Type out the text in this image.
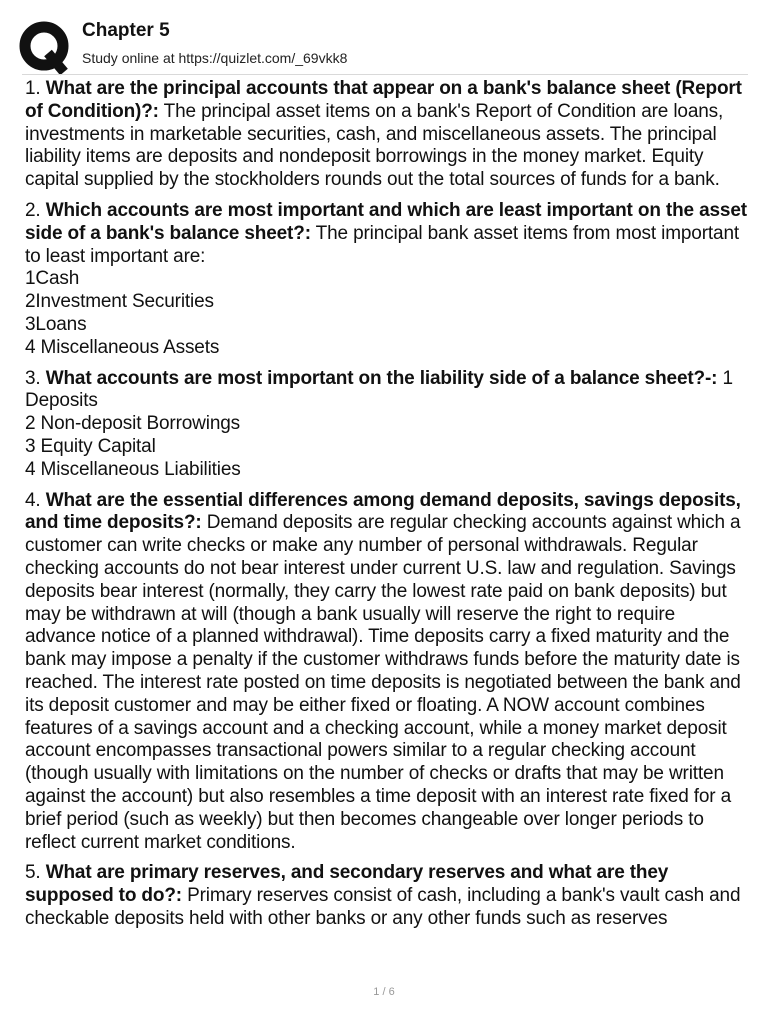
Chapter 5
Study online at https://quizlet.com/_69vkk8

1. What are the principal accounts that appear on a bank's balance sheet (Report of Condition)?: The principal asset items on a bank's Report of Condition are loans, investments in marketable securities, cash, and miscellaneous assets. The principal liability items are deposits and nondeposit borrowings in the money market. Equity capital supplied by the stockholders rounds out the total sources of funds for a bank.

2. Which accounts are most important and which are least important on the asset side of a bank's balance sheet?: The principal bank asset items from most important to least important are:
1Cash
2Investment Securities
3Loans
4 Miscellaneous Assets

3. What accounts are most important on the liability side of a balance sheet?-: 1 Deposits
2 Non-deposit Borrowings
3 Equity Capital
4 Miscellaneous Liabilities

4. What are the essential differences among demand deposits, savings deposits, and time deposits?: Demand deposits are regular checking accounts against which a customer can write checks or make any number of personal withdrawals. Regular checking accounts do not bear interest under current U.S. law and regulation. Savings deposits bear interest (normally, they carry the lowest rate paid on bank deposits) but may be withdrawn at will (though a bank usually will reserve the right to require advance notice of a planned withdrawal). Time deposits carry a fixed maturity and the bank may impose a penalty if the customer withdraws funds before the maturity date is reached. The interest rate posted on time deposits is negotiated between the bank and its deposit customer and may be either fixed or floating. A NOW account combines features of a savings account and a checking account, while a money market deposit account encompasses transactional powers similar to a regular checking account (though usually with limitations on the number of checks or drafts that may be written against the account) but also resembles a time deposit with an interest rate fixed for a brief period (such as weekly) but then becomes changeable over longer periods to reflect current market conditions.

5. What are primary reserves, and secondary reserves and what are they supposed to do?: Primary reserves consist of cash, including a bank's vault cash and checkable deposits held with other banks or any other funds such as reserves

1 / 6
